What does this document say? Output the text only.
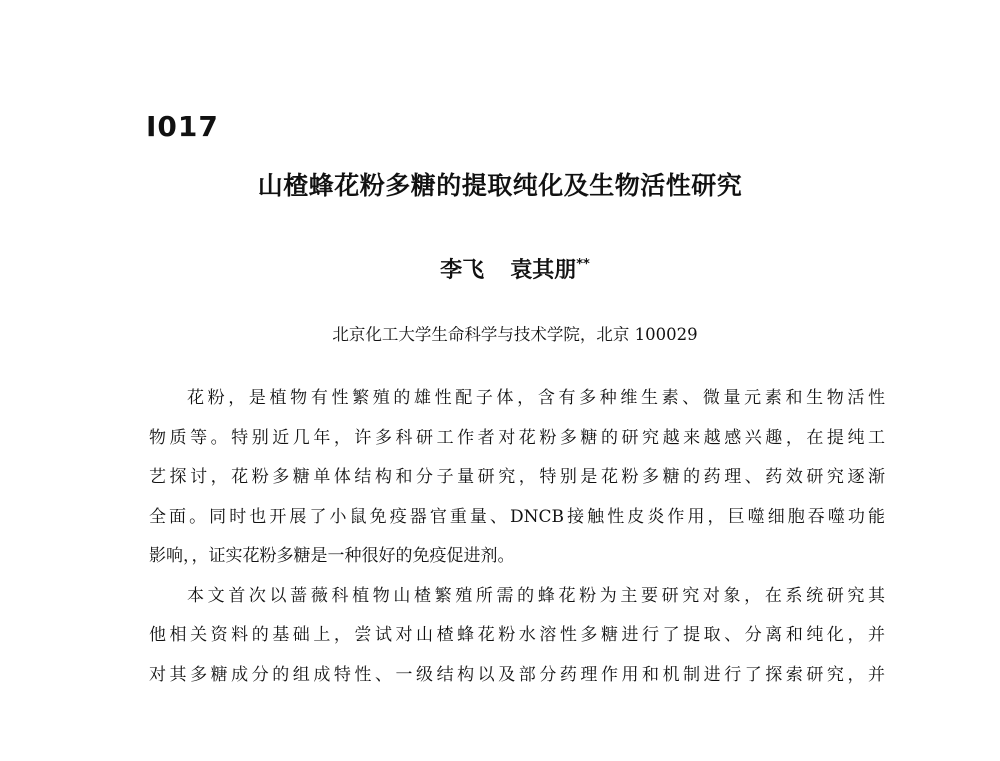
I017
山楂蜂花粉多糖的提取纯化及生物活性研究
李飞 袁其朋**
北京化工大学生命科学与技术学院，北京 100029
花粉，是植物有性繁殖的雄性配子体，含有多种维生素、微量元素和生物活性
物质等。特别近几年，许多科研工作者对花粉多糖的研究越来越感兴趣，在提纯工
艺探讨，花粉多糖单体结构和分子量研究，特别是花粉多糖的药理、药效研究逐渐
全面。同时也开展了小鼠免疫器官重量、DNCB接触性皮炎作用，巨噬细胞吞噬功能
影响，，证实花粉多糖是一种很好的免疫促进剂。
本文首次以蔷薇科植物山楂繁殖所需的蜂花粉为主要研究对象，在系统研究其
他相关资料的基础上，尝试对山楂蜂花粉水溶性多糖进行了提取、分离和纯化，并
对其多糖成分的组成特性、一级结构以及部分药理作用和机制进行了探索研究，并
